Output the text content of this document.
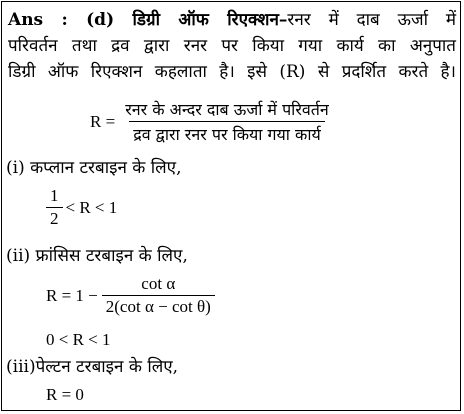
Ans : (d) डिग्री ऑफ रिएक्शन–रनर में दाब ऊर्जा में
परिवर्तन तथा द्रव द्वारा रनर पर किया गया कार्य का अनुपात
डिग्री ऑफ रिएक्शन कहलाता है। इसे (R) से प्रदर्शित करते है।
$R = \frac{\text{रनर के अन्दर दाब ऊर्जा में परिवर्तन}}{\text{द्रव द्वारा रनर पर किया गया कार्य}}$
(i) कप्लान टरबाइन के लिए,
$\frac{1}{2} < R < 1$
(ii) फ्रांसिस टरबाइन के लिए,
$R = 1 - \frac{\text{cot α}}{\text{2(cot α − cot θ)}}$
0 < R < 1
(iii)पेल्टन टरबाइन के लिए,
R = 0
